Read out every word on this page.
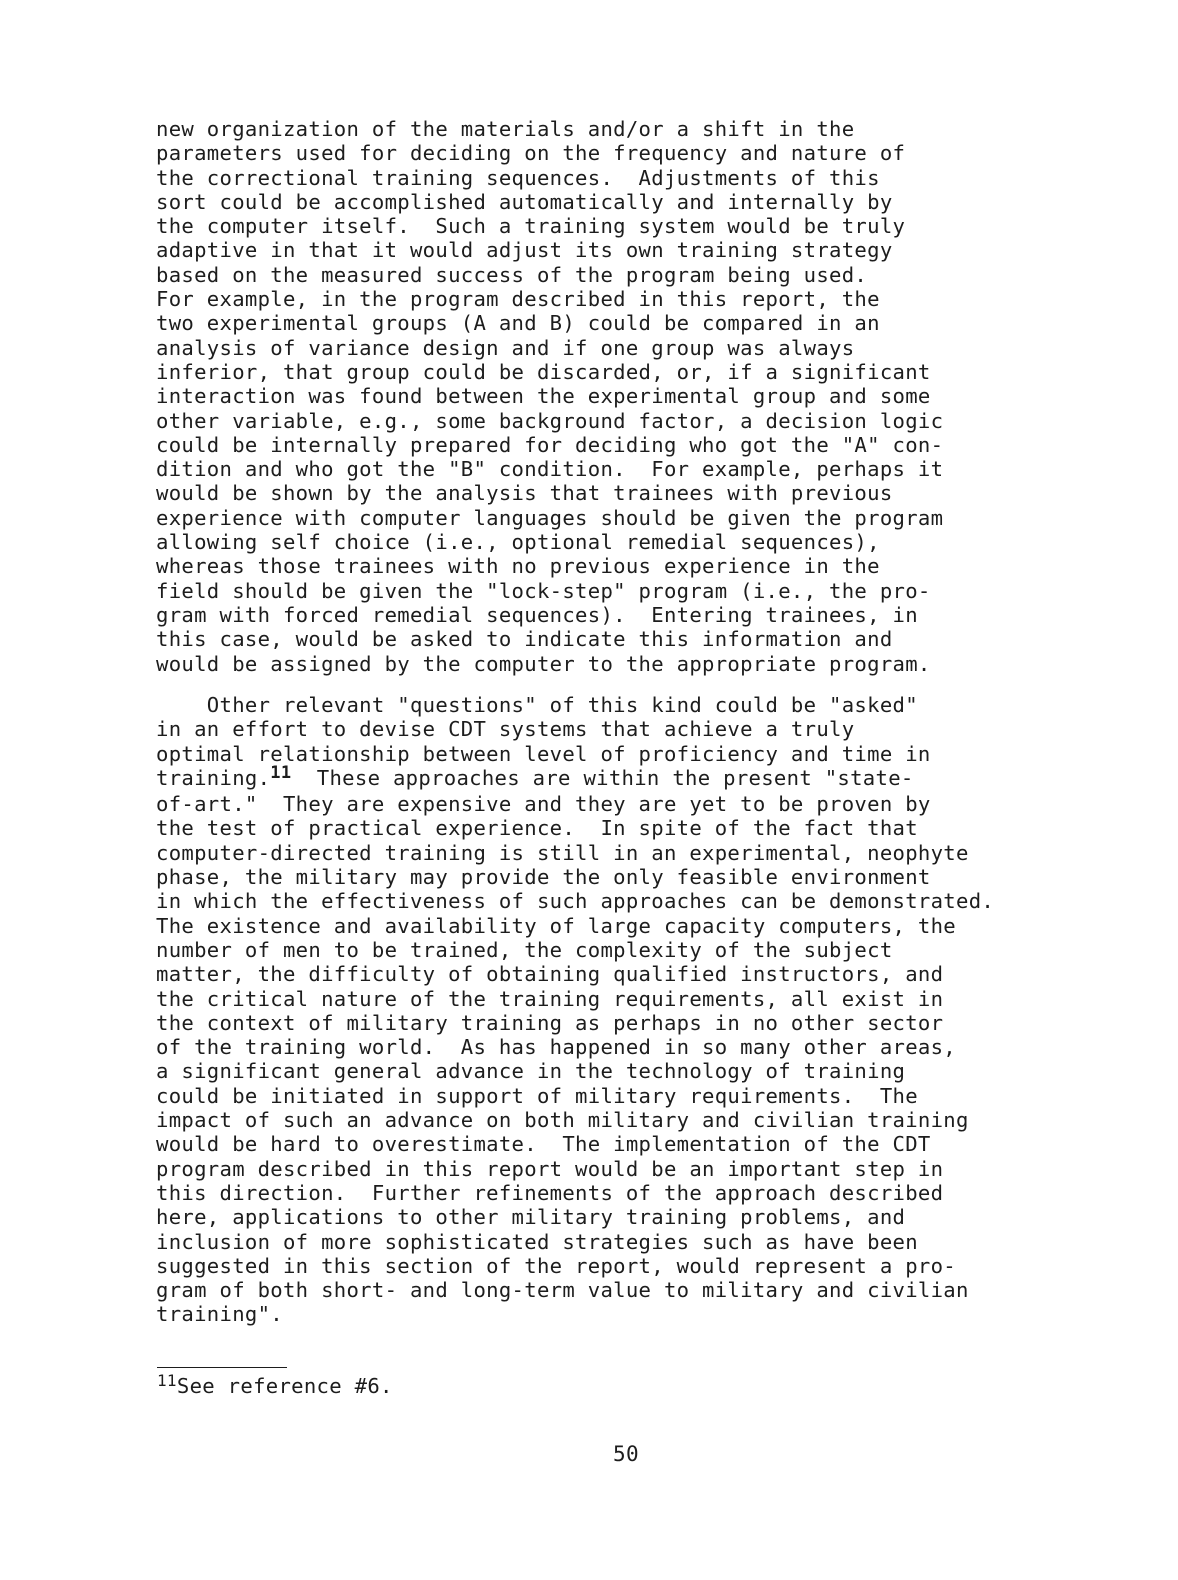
new organization of the materials and/or a shift in the
parameters used for deciding on the frequency and nature of
the correctional training sequences.  Adjustments of this
sort could be accomplished automatically and internally by
the computer itself.  Such a training system would be truly
adaptive in that it would adjust its own training strategy
based on the measured success of the program being used.
For example, in the program described in this report, the
two experimental groups (A and B) could be compared in an
analysis of variance design and if one group was always
inferior, that group could be discarded, or, if a significant
interaction was found between the experimental group and some
other variable, e.g., some background factor, a decision logic
could be internally prepared for deciding who got the "A" con-
dition and who got the "B" condition.  For example, perhaps it
would be shown by the analysis that trainees with previous
experience with computer languages should be given the program
allowing self choice (i.e., optional remedial sequences),
whereas those trainees with no previous experience in the
field should be given the "lock-step" program (i.e., the pro-
gram with forced remedial sequences).  Entering trainees, in
this case, would be asked to indicate this information and
would be assigned by the computer to the appropriate program.

Other relevant "questions" of this kind could be "asked"
in an effort to devise CDT systems that achieve a truly
optimal relationship between level of proficiency and time in
training.$^{11}$  These approaches are within the present "state-
of-art."  They are expensive and they are yet to be proven by
the test of practical experience.  In spite of the fact that
computer-directed training is still in an experimental, neophyte
phase, the military may provide the only feasible environment
in which the effectiveness of such approaches can be demonstrated.
The existence and availability of large capacity computers, the
number of men to be trained, the complexity of the subject
matter, the difficulty of obtaining qualified instructors, and
the critical nature of the training requirements, all exist in
the context of military training as perhaps in no other sector
of the training world.  As has happened in so many other areas,
a significant general advance in the technology of training
could be initiated in support of military requirements.  The
impact of such an advance on both military and civilian training
would be hard to overestimate.  The implementation of the CDT
program described in this report would be an important step in
this direction.  Further refinements of the approach described
here, applications to other military training problems, and
inclusion of more sophisticated strategies such as have been
suggested in this section of the report, would represent a pro-
gram of both short- and long-term value to military and civilian
training".

$^{11}$See reference #6.

50
